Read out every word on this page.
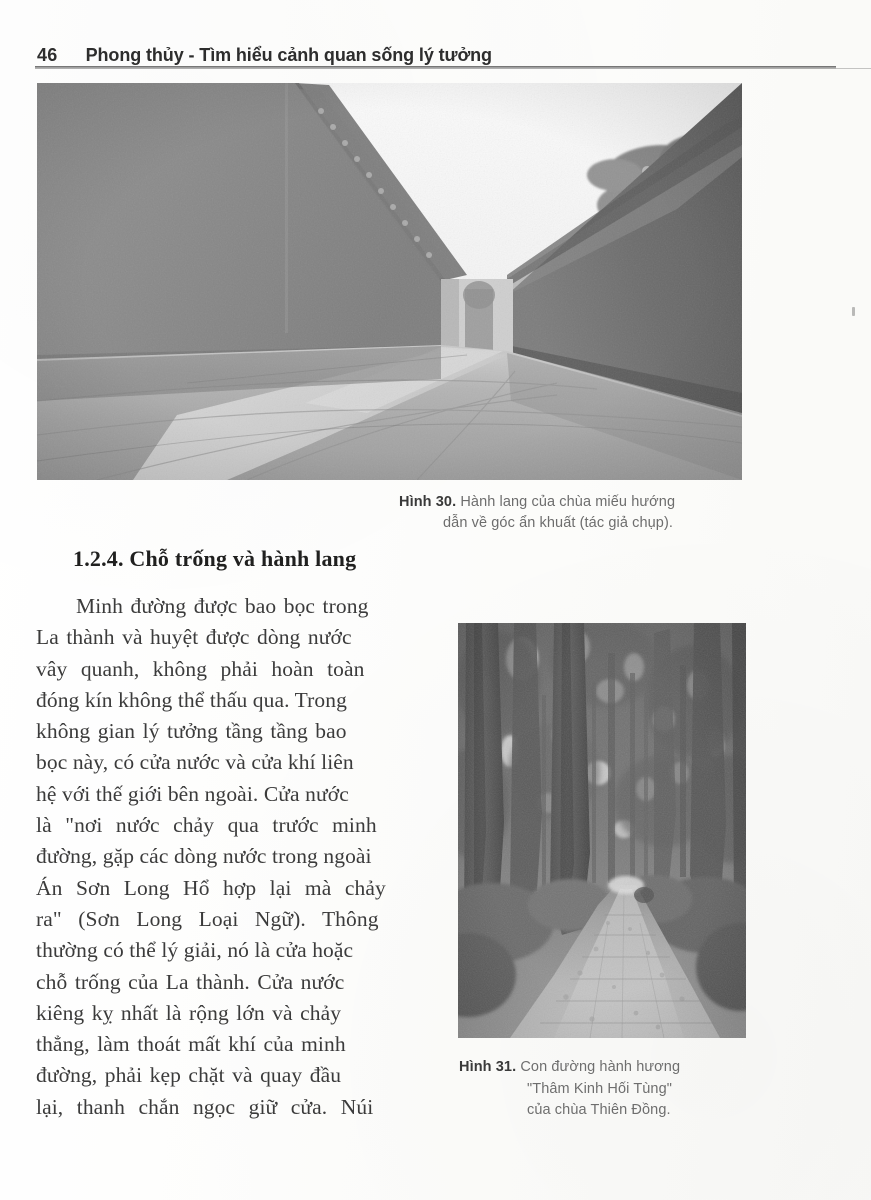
46 Phong thủy - Tìm hiểu cảnh quan sống lý tưởng
Hình 30. Hành lang của chùa miếu hướng
dẫn về góc ẩn khuất (tác giả chụp).
1.2.4. Chỗ trống và hành lang
Minh đường được bao bọc trong
La thành và huyệt được dòng nước
vây quanh, không phải hoàn toàn
đóng kín không thể thấu qua. Trong
không gian lý tưởng tầng tầng bao
bọc này, có cửa nước và cửa khí liên
hệ với thế giới bên ngoài. Cửa nước
là "nơi nước chảy qua trước minh
đường, gặp các dòng nước trong ngoài
Án Sơn Long Hổ hợp lại mà chảy
ra" (Sơn Long Loại Ngữ). Thông
thường có thể lý giải, nó là cửa hoặc
chỗ trống của La thành. Cửa nước
kiêng kỵ nhất là rộng lớn và chảy
thẳng, làm thoát mất khí của minh
đường, phải kẹp chặt và quay đầu
lại, thanh chắn ngọc giữ cửa. Núi
Hình 31. Con đường hành hương
"Thâm Kinh Hối Tùng"
của chùa Thiên Đồng.
